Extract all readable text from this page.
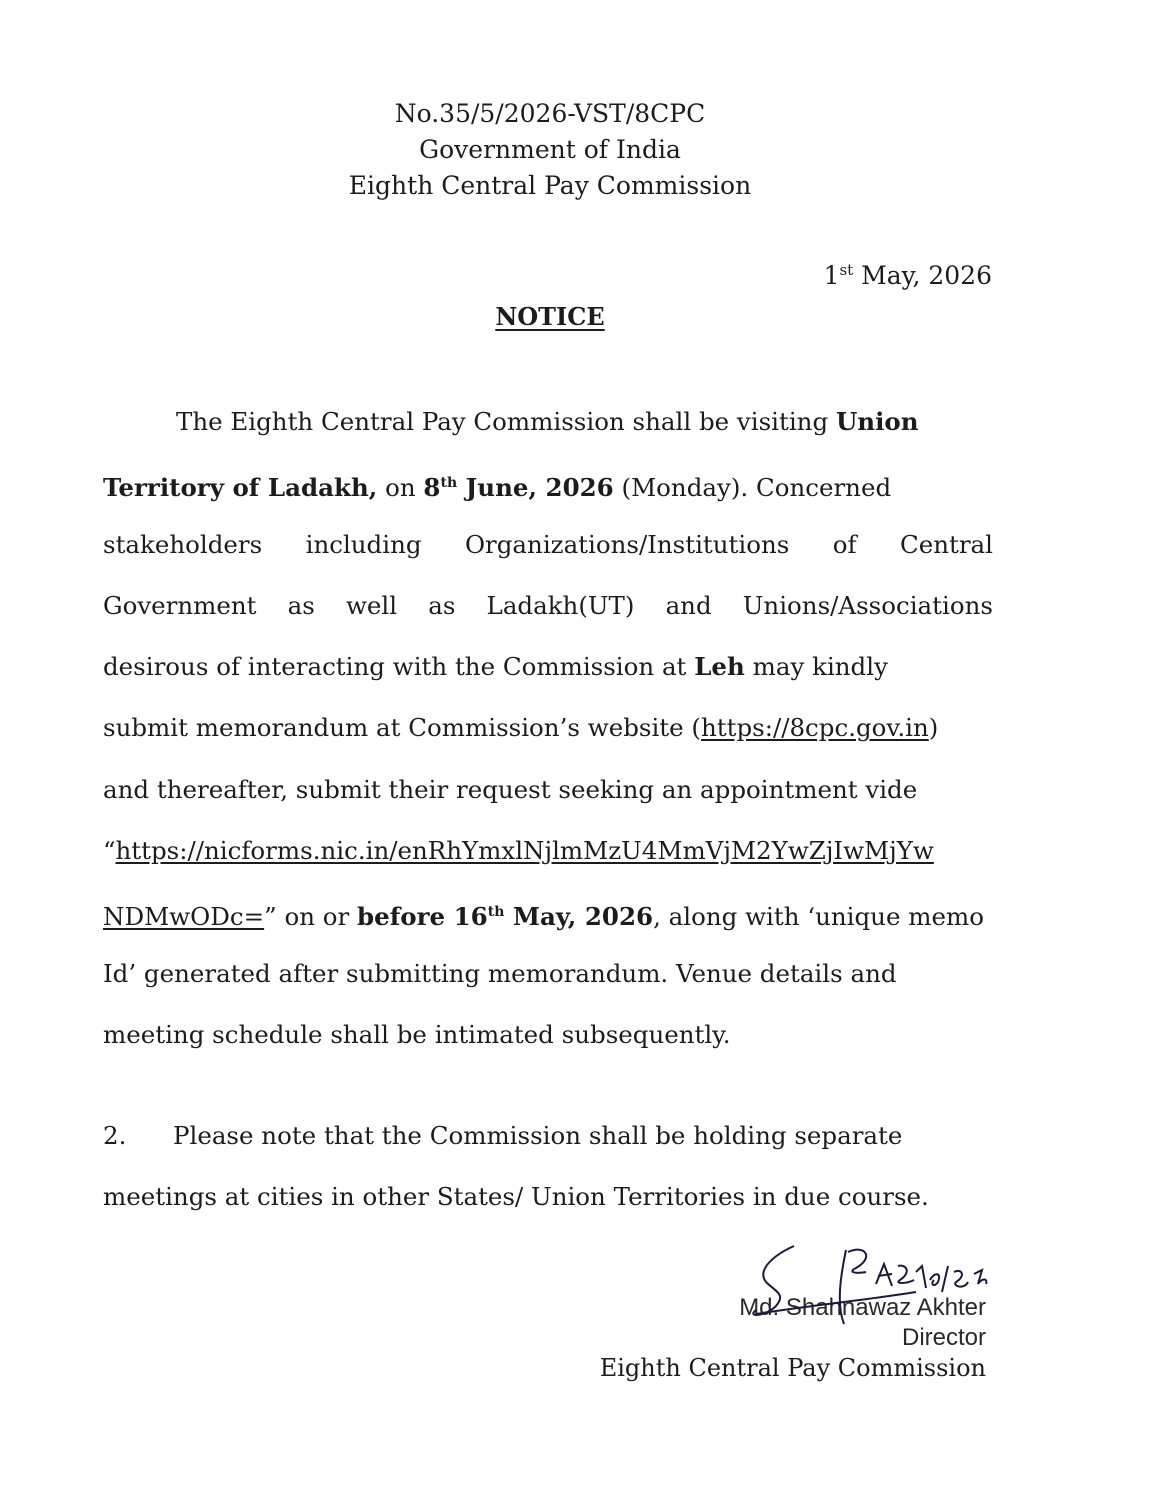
No.35/5/2026-VST/8CPC
Government of India
Eighth Central Pay Commission
1st May, 2026
NOTICE
The Eighth Central Pay Commission shall be visiting Union
Territory of Ladakh, on 8th June, 2026 (Monday). Concerned
stakeholders including Organizations/Institutions of Central
Government as well as Ladakh(UT) and Unions/Associations
desirous of interacting with the Commission at Leh may kindly
submit memorandum at Commission’s website (https://8cpc.gov.in)
and thereafter, submit their request seeking an appointment vide
“https://nicforms.nic.in/enRhYmxlNjlmMzU4MmVjM2YwZjIwMjYw
NDMwODc=” on or before 16th May, 2026, along with ‘unique memo
Id’ generated after submitting memorandum. Venue details and
meeting schedule shall be intimated subsequently.
2. Please note that the Commission shall be holding separate
meetings at cities in other States/ Union Territories in due course.
Md. Shahnawaz Akhter
Director
Eighth Central Pay Commission
